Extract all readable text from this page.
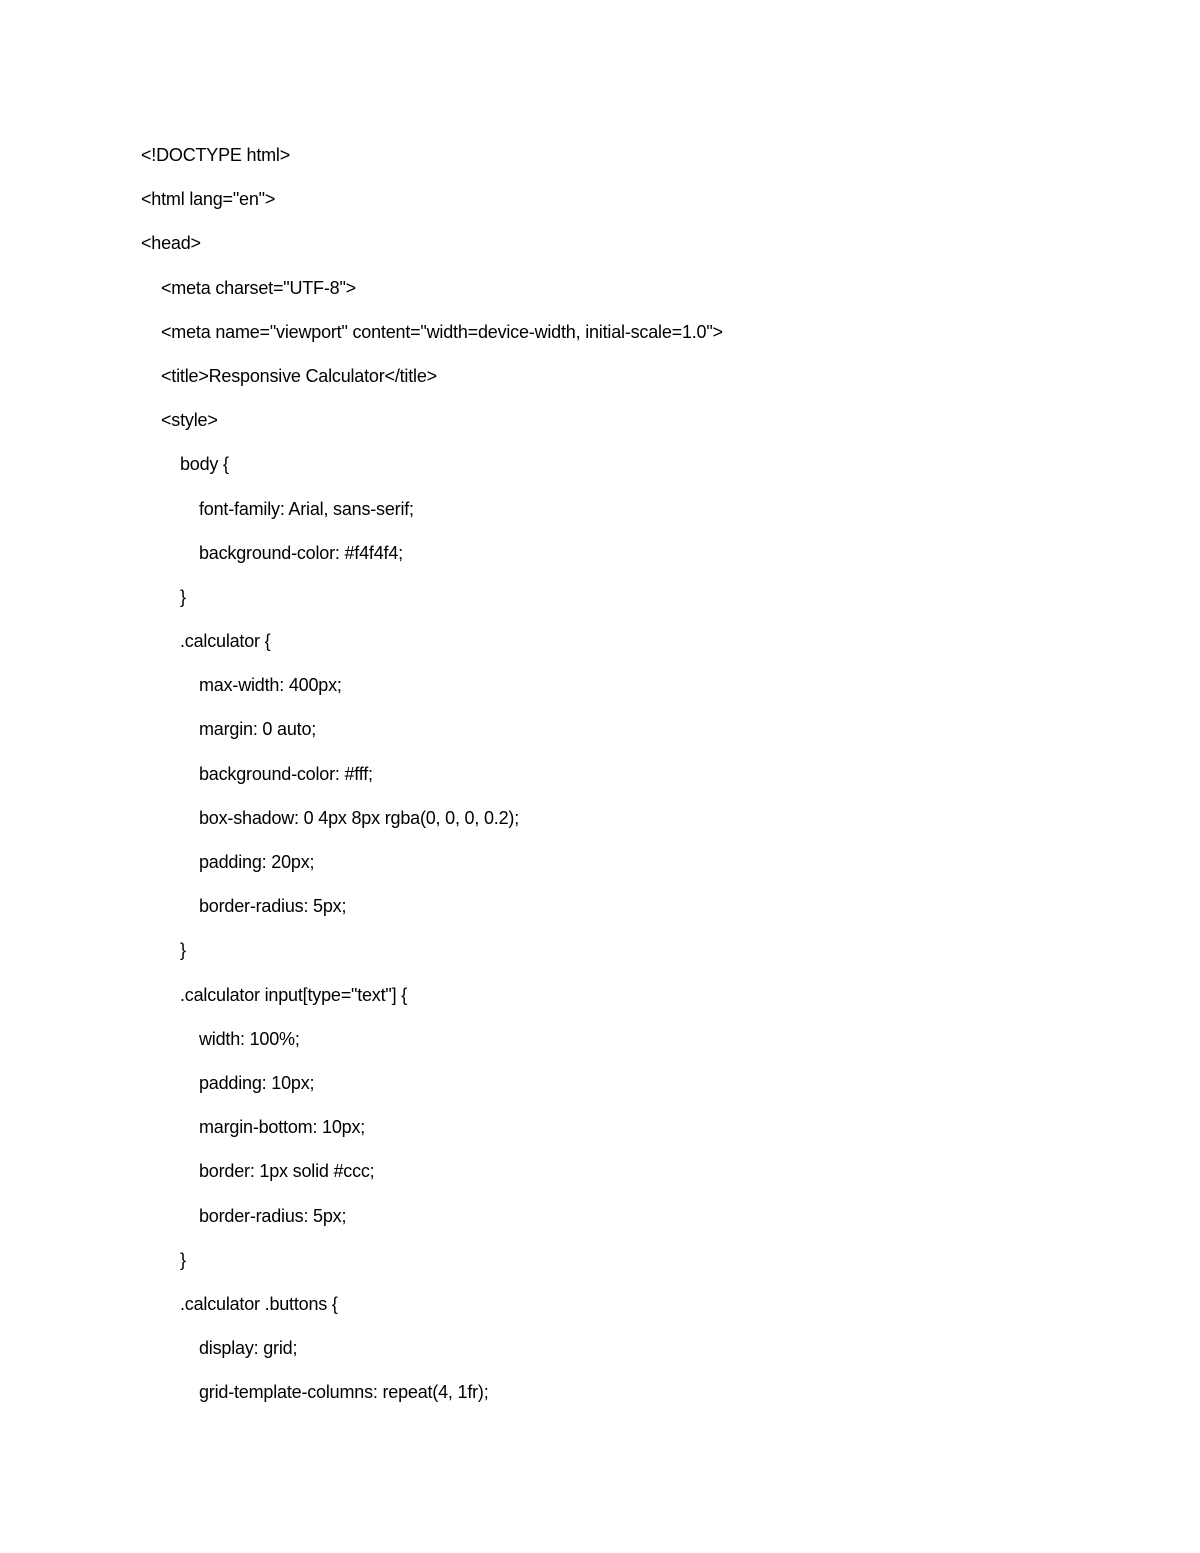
<!DOCTYPE html>
<html lang="en">
<head>
<meta charset="UTF-8">
<meta name="viewport" content="width=device-width, initial-scale=1.0">
<title>Responsive Calculator</title>
<style>
body {
font-family: Arial, sans-serif;
background-color: #f4f4f4;
}
.calculator {
max-width: 400px;
margin: 0 auto;
background-color: #fff;
box-shadow: 0 4px 8px rgba(0, 0, 0, 0.2);
padding: 20px;
border-radius: 5px;
}
.calculator input[type="text"] {
width: 100%;
padding: 10px;
margin-bottom: 10px;
border: 1px solid #ccc;
border-radius: 5px;
}
.calculator .buttons {
display: grid;
grid-template-columns: repeat(4, 1fr);
